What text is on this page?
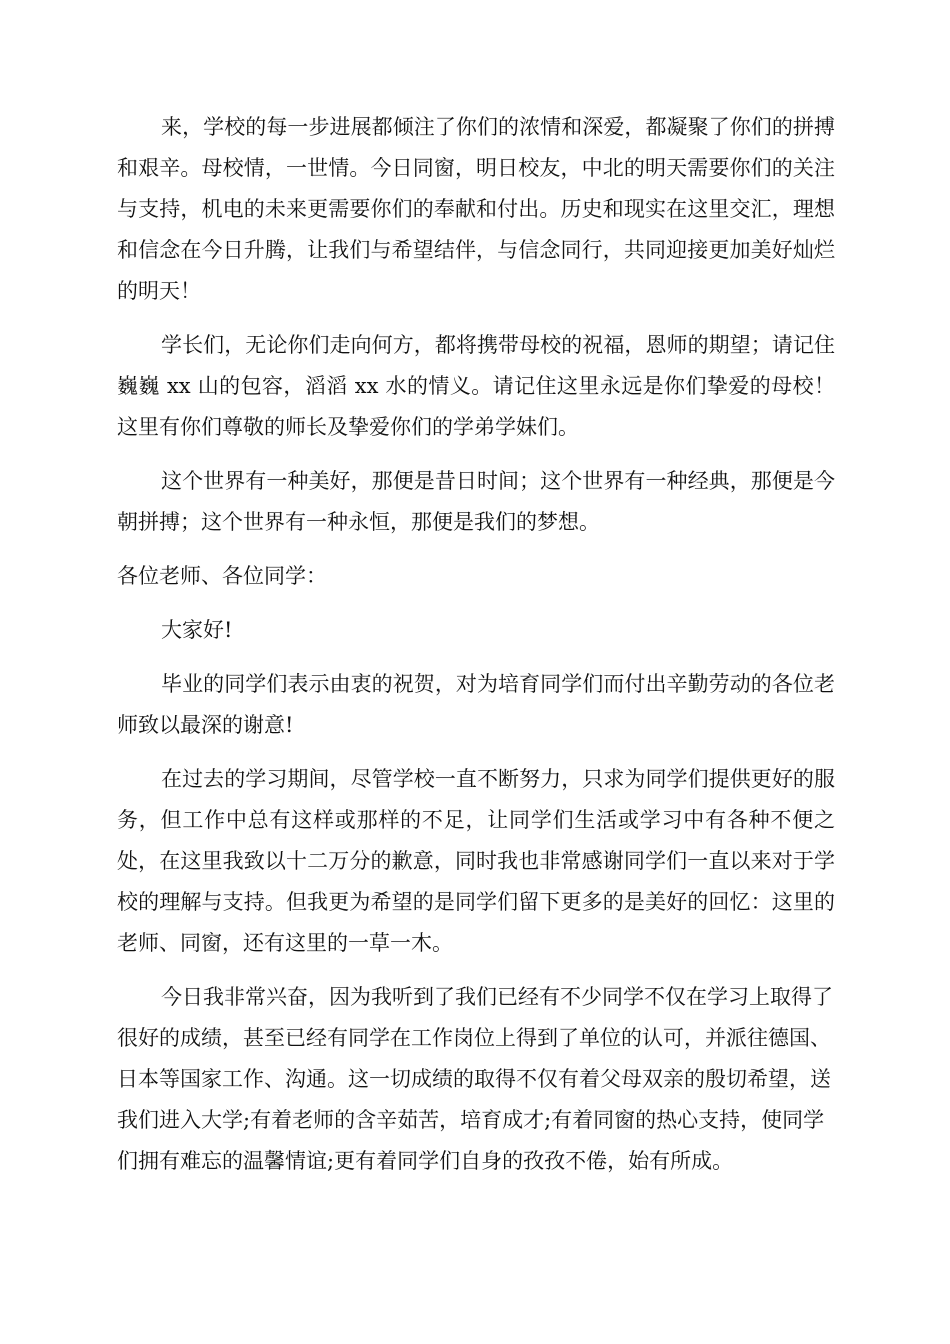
来，学校的每一步进展都倾注了你们的浓情和深爱，都凝聚了你们的拼搏和艰辛。母校情，一世情。今日同窗，明日校友，中北的明天需要你们的关注与支持，机电的未来更需要你们的奉献和付出。历史和现实在这里交汇，理想和信念在今日升腾，让我们与希望结伴，与信念同行，共同迎接更加美好灿烂的明天！

学长们，无论你们走向何方，都将携带母校的祝福，恩师的期望；请记住巍巍 xx 山的包容，滔滔 xx 水的情义。请记住这里永远是你们挚爱的母校！这里有你们尊敬的师长及挚爱你们的学弟学妹们。

这个世界有一种美好，那便是昔日时间；这个世界有一种经典，那便是今朝拼搏；这个世界有一种永恒，那便是我们的梦想。

各位老师、各位同学：

大家好!

毕业的同学们表示由衷的祝贺，对为培育同学们而付出辛勤劳动的各位老师致以最深的谢意!

在过去的学习期间，尽管学校一直不断努力，只求为同学们提供更好的服务，但工作中总有这样或那样的不足，让同学们生活或学习中有各种不便之处，在这里我致以十二万分的歉意，同时我也非常感谢同学们一直以来对于学校的理解与支持。但我更为希望的是同学们留下更多的是美好的回忆：这里的老师、同窗，还有这里的一草一木。

今日我非常兴奋，因为我听到了我们已经有不少同学不仅在学习上取得了很好的成绩，甚至已经有同学在工作岗位上得到了单位的认可，并派往德国、日本等国家工作、沟通。这一切成绩的取得不仅有着父母双亲的殷切希望，送我们进入大学;有着老师的含辛茹苦，培育成才;有着同窗的热心支持，使同学们拥有难忘的温馨情谊;更有着同学们自身的孜孜不倦，始有所成。
